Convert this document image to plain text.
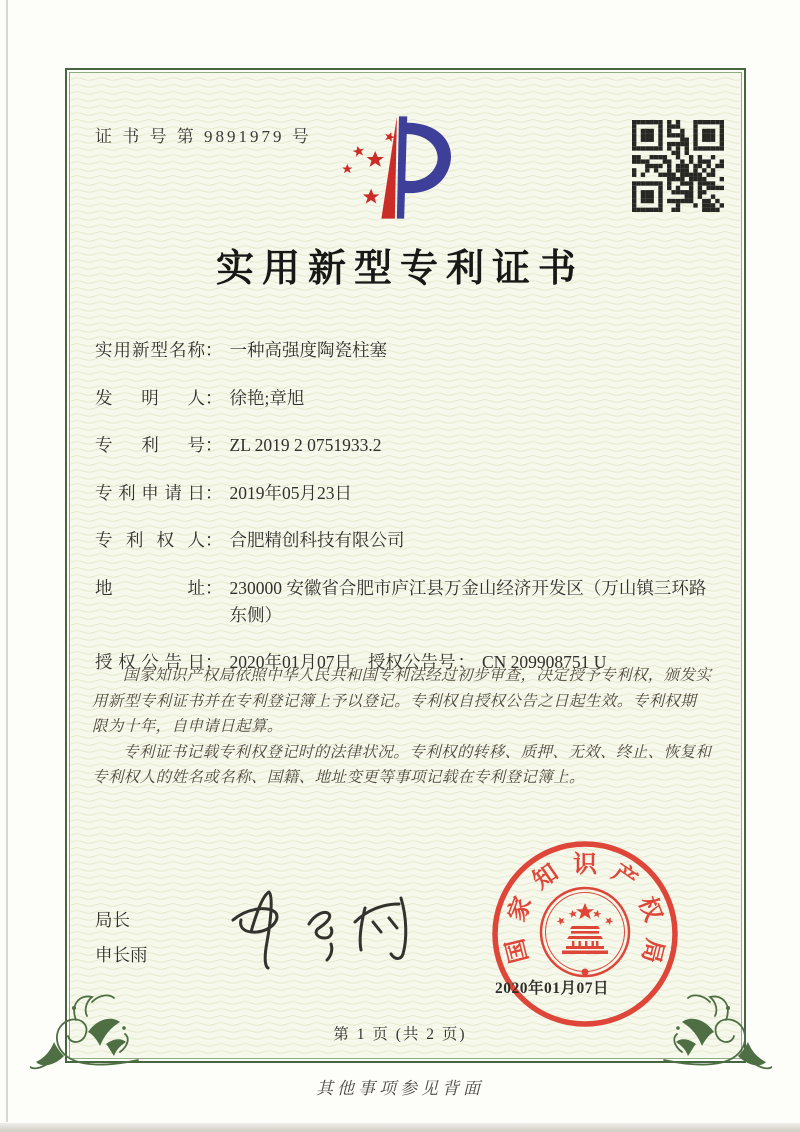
证 书 号 第 9891979 号
实用新型专利证书
实用新型名称 ： 一种高强度陶瓷柱塞
发明人 ： 徐艳;章旭
专利号 ： ZL 2019 2 0751933.2
专利申请日 ： 2019年05月23日
专利权人 ： 合肥精创科技有限公司
地址 ： 230000 安徽省合肥市庐江县万金山经济开发区（万山镇三环路东侧）
授权公告日 ： 2020年01月07日 授权公告号 ： CN 209908751 U

国家知识产权局依照中华人民共和国专利法经过初步审查，决定授予专利权，颁发实用新型专利证书并在专利登记簿上予以登记。专利权自授权公告之日起生效。专利权期限为十年，自申请日起算。

专利证书记载专利权登记时的法律状况。专利权的转移、质押、无效、终止、恢复和专利权人的姓名或名称、国籍、地址变更等事项记载在专利登记簿上。

局长
申长雨	国
家
知 识 产
权
局
2020年01月07日
第 1 页 (共 2 页)
其他事项参见背面
